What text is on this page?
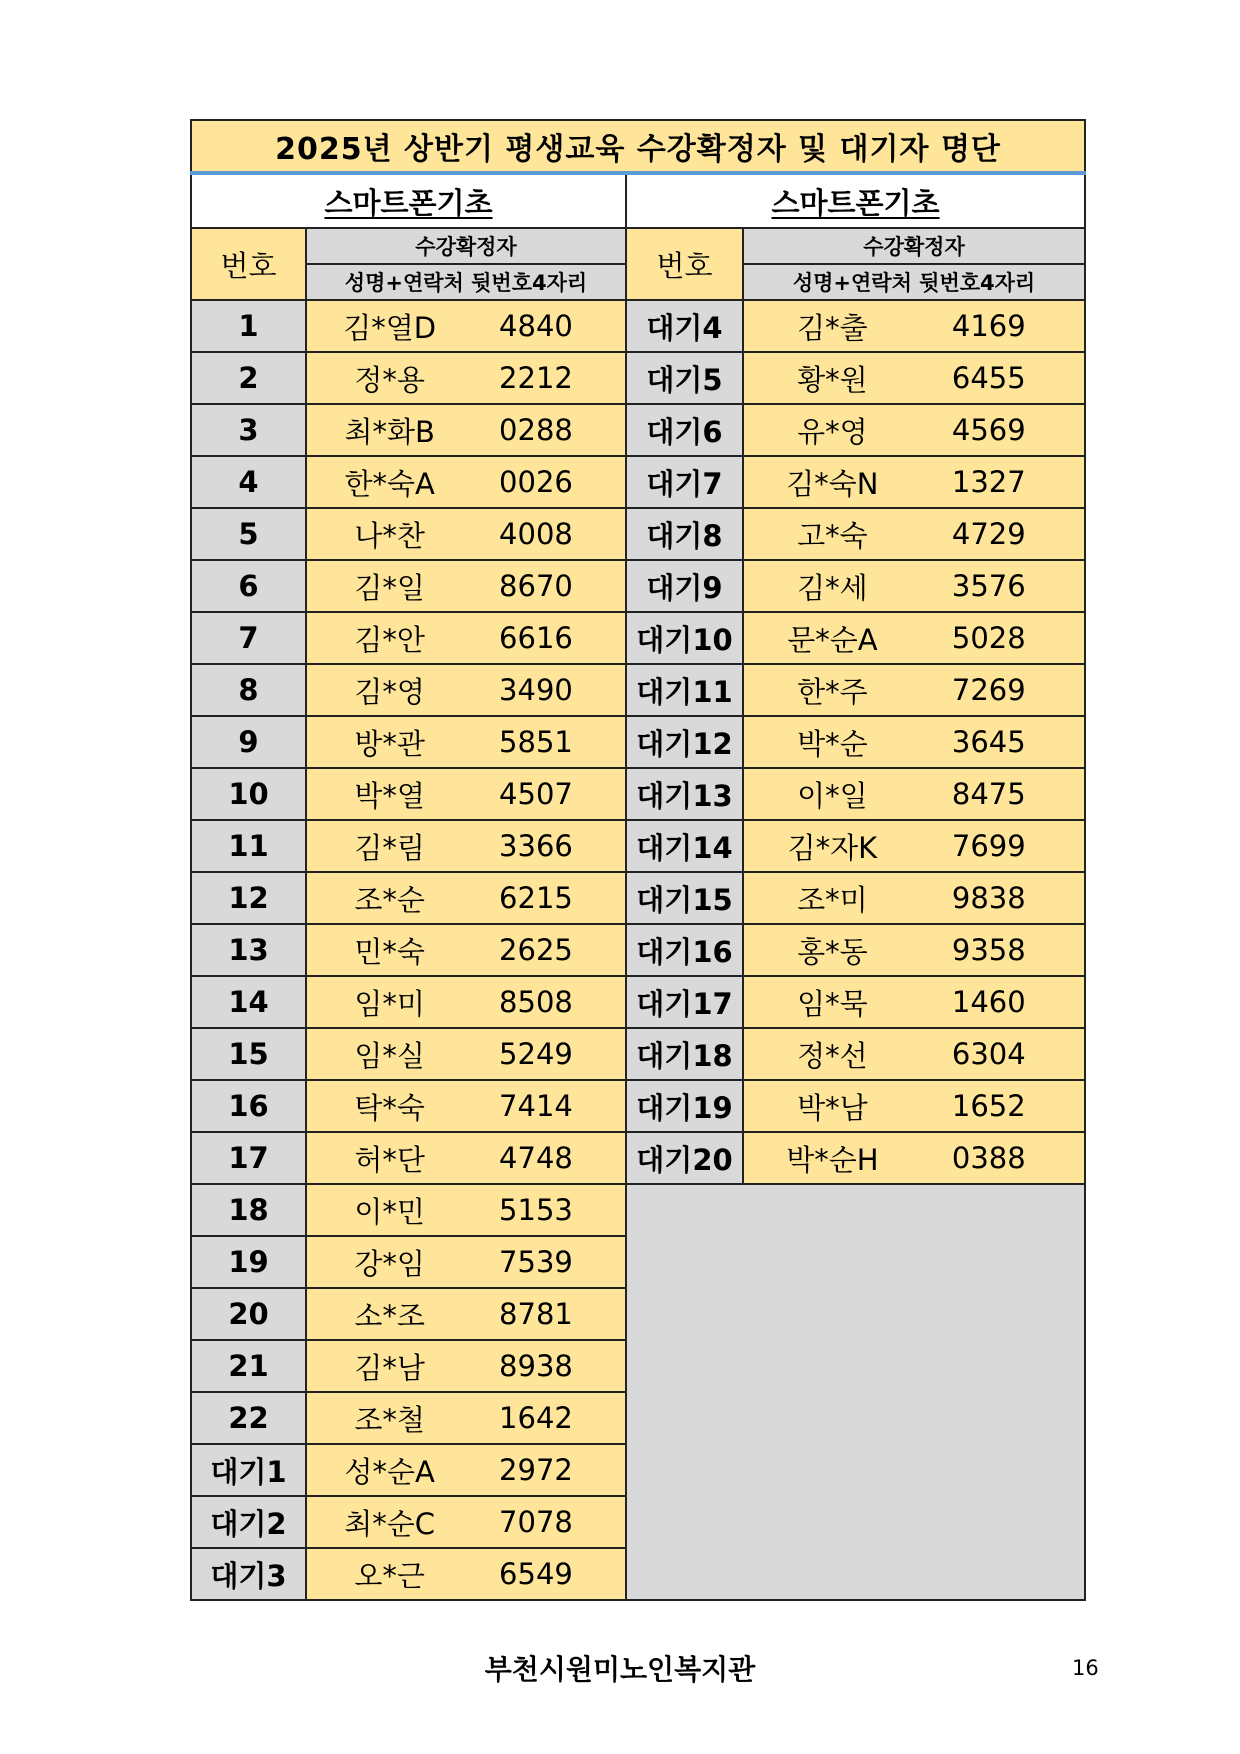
2025년 상반기 평생교육 수강확정자 및 대기자 명단			
스마트폰기초		스마트폰기초	
번호	수강확정자	번호	수강확정자
	성명+연락처 뒷번호4자리		성명+연락처 뒷번호4자리
1	김*열D 4840	대기4	김*출 4169

2	정*용 2212	대기5	황*원 6455

3	최*화B 0288	대기6	유*영 4569

4	한*숙A 0026	대기7	김*숙N 1327

5	나*찬 4008	대기8	고*숙 4729

6	김*일 8670	대기9	김*세 3576

7	김*안 6616	대기10	문*순A 5028

8	김*영 3490	대기11	한*주 7269

9	방*관 5851	대기12	박*순 3645

10	박*열 4507	대기13	이*일 8475

11	김*림 3366	대기14	김*자K 7699

12	조*순 6215	대기15	조*미 9838

13	민*숙 2625	대기16	홍*동 9358

14	임*미 8508	대기17	임*묵 1460

15	임*실 5249	대기18	정*선 6304

16	탁*숙 7414	대기19	박*남 1652

17	허*단 4748	대기20	박*순H 0388

18	이*민 5153		

19	강*임 7539		

20	소*조 8781		

21	김*남 8938		

22	조*철 1642		

대기1	성*순A 2972		

대기2	최*순C 7078		

대기3	오*근 6549		
부천시원미노인복지관	16
